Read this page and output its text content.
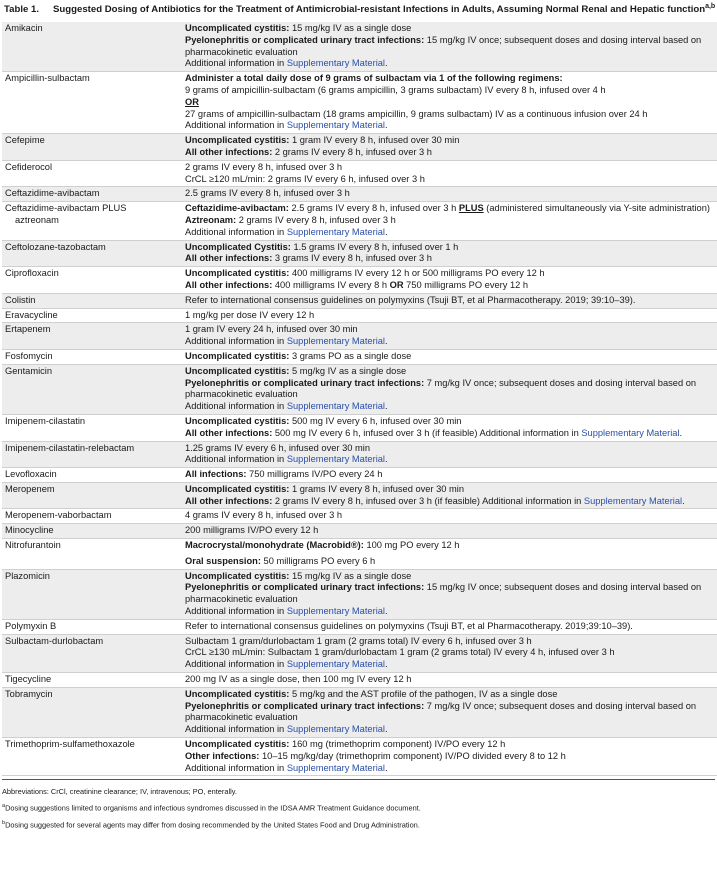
Table 1. Suggested Dosing of Antibiotics for the Treatment of Antimicrobial-resistant Infections in Adults, Assuming Normal Renal and Hepatic function$^{a,b}$
Amikacin	Uncomplicated cystitis: 15 mg/kg IV as a single dose
Pyelonephritis or complicated urinary tract infections: 15 mg/kg IV once; subsequent doses and dosing interval based on pharmacokinetic evaluation
Additional information in Supplementary Material.

Ampicillin-sulbactam	Administer a total daily dose of 9 grams of sulbactam via 1 of the following regimens:
9 grams of ampicillin-sulbactam (6 grams ampicillin, 3 grams sulbactam) IV every 8 h, infused over 4 h
OR
27 grams of ampicillin-sulbactam (18 grams ampicillin, 9 grams sulbactam) IV as a continuous infusion over 24 h
Additional information in Supplementary Material.

Cefepime	Uncomplicated cystitis: 1 gram IV every 8 h, infused over 30 min
All other infections: 2 grams IV every 8 h, infused over 3 h

Cefiderocol	2 grams IV every 8 h, infused over 3 h
CrCL ≥120 mL/min: 2 grams IV every 6 h, infused over 3 h

Ceftazidime-avibactam	2.5 grams IV every 8 h, infused over 3 h

Ceftazidime-avibactam PLUS
aztreonam	Ceftazidime-avibactam: 2.5 grams IV every 8 h, infused over 3 h PLUS (administered simultaneously via Y-site administration) Aztreonam: 2 grams IV every 8 h, infused over 3 h
Additional information in Supplementary Material.

Ceftolozane-tazobactam	Uncomplicated Cystitis: 1.5 grams IV every 8 h, infused over 1 h
All other infections: 3 grams IV every 8 h, infused over 3 h

Ciprofloxacin	Uncomplicated cystitis: 400 milligrams IV every 12 h or 500 milligrams PO every 12 h
All other infections: 400 milligrams IV every 8 h OR 750 milligrams PO every 12 h

Colistin	Refer to international consensus guidelines on polymyxins (Tsuji BT, et al Pharmacotherapy. 2019; 39:10–39).

Eravacycline	1 mg/kg per dose IV every 12 h

Ertapenem	1 gram IV every 24 h, infused over 30 min
Additional information in Supplementary Material.

Fosfomycin	Uncomplicated cystitis: 3 grams PO as a single dose

Gentamicin	Uncomplicated cystitis: 5 mg/kg IV as a single dose
Pyelonephritis or complicated urinary tract infections: 7 mg/kg IV once; subsequent doses and dosing interval based on pharmacokinetic evaluation
Additional information in Supplementary Material.

Imipenem-cilastatin	Uncomplicated cystitis: 500 mg IV every 6 h, infused over 30 min
All other infections: 500 mg IV every 6 h, infused over 3 h (if feasible) Additional information in Supplementary Material.

Imipenem-cilastatin-relebactam	1.25 grams IV every 6 h, infused over 30 min
Additional information in Supplementary Material.

Levofloxacin	All infections: 750 milligrams IV/PO every 24 h

Meropenem	Uncomplicated cystitis: 1 grams IV every 8 h, infused over 30 min
All other infections: 2 grams IV every 8 h, infused over 3 h (if feasible) Additional information in Supplementary Material.

Meropenem-vaborbactam	4 grams IV every 8 h, infused over 3 h

Minocycline	200 milligrams IV/PO every 12 h

Nitrofurantoin	Macrocrystal/monohydrate (Macrobid®): 100 mg PO every 12 h
Oral suspension: 50 milligrams PO every 6 h

Plazomicin	Uncomplicated cystitis: 15 mg/kg IV as a single dose
Pyelonephritis or complicated urinary tract infections: 15 mg/kg IV once; subsequent doses and dosing interval based on pharmacokinetic evaluation
Additional information in Supplementary Material.

Polymyxin B	Refer to international consensus guidelines on polymyxins (Tsuji BT, et al Pharmacotherapy. 2019;39:10–39).

Sulbactam-durlobactam	Sulbactam 1 gram/durlobactam 1 gram (2 grams total) IV every 6 h, infused over 3 h
CrCL ≥130 mL/min: Sulbactam 1 gram/durlobactam 1 gram (2 grams total) IV every 4 h, infused over 3 h
Additional information in Supplementary Material.

Tigecycline	200 mg IV as a single dose, then 100 mg IV every 12 h

Tobramycin	Uncomplicated cystitis: 5 mg/kg and the AST profile of the pathogen, IV as a single dose
Pyelonephritis or complicated urinary tract infections: 7 mg/kg IV once; subsequent doses and dosing interval based on pharmacokinetic evaluation
Additional information in Supplementary Material.

Trimethoprim-sulfamethoxazole	Uncomplicated cystitis: 160 mg (trimethoprim component) IV/PO every 12 h
Other infections: 10–15 mg/kg/day (trimethoprim component) IV/PO divided every 8 to 12 h
Additional information in Supplementary Material.
Abbreviations: CrCl, creatinine clearance; IV, intravenous; PO, enterally.
$^a$Dosing suggestions limited to organisms and infectious syndromes discussed in the IDSA AMR Treatment Guidance document.
$^b$Dosing suggested for several agents may differ from dosing recommended by the United States Food and Drug Administration.
